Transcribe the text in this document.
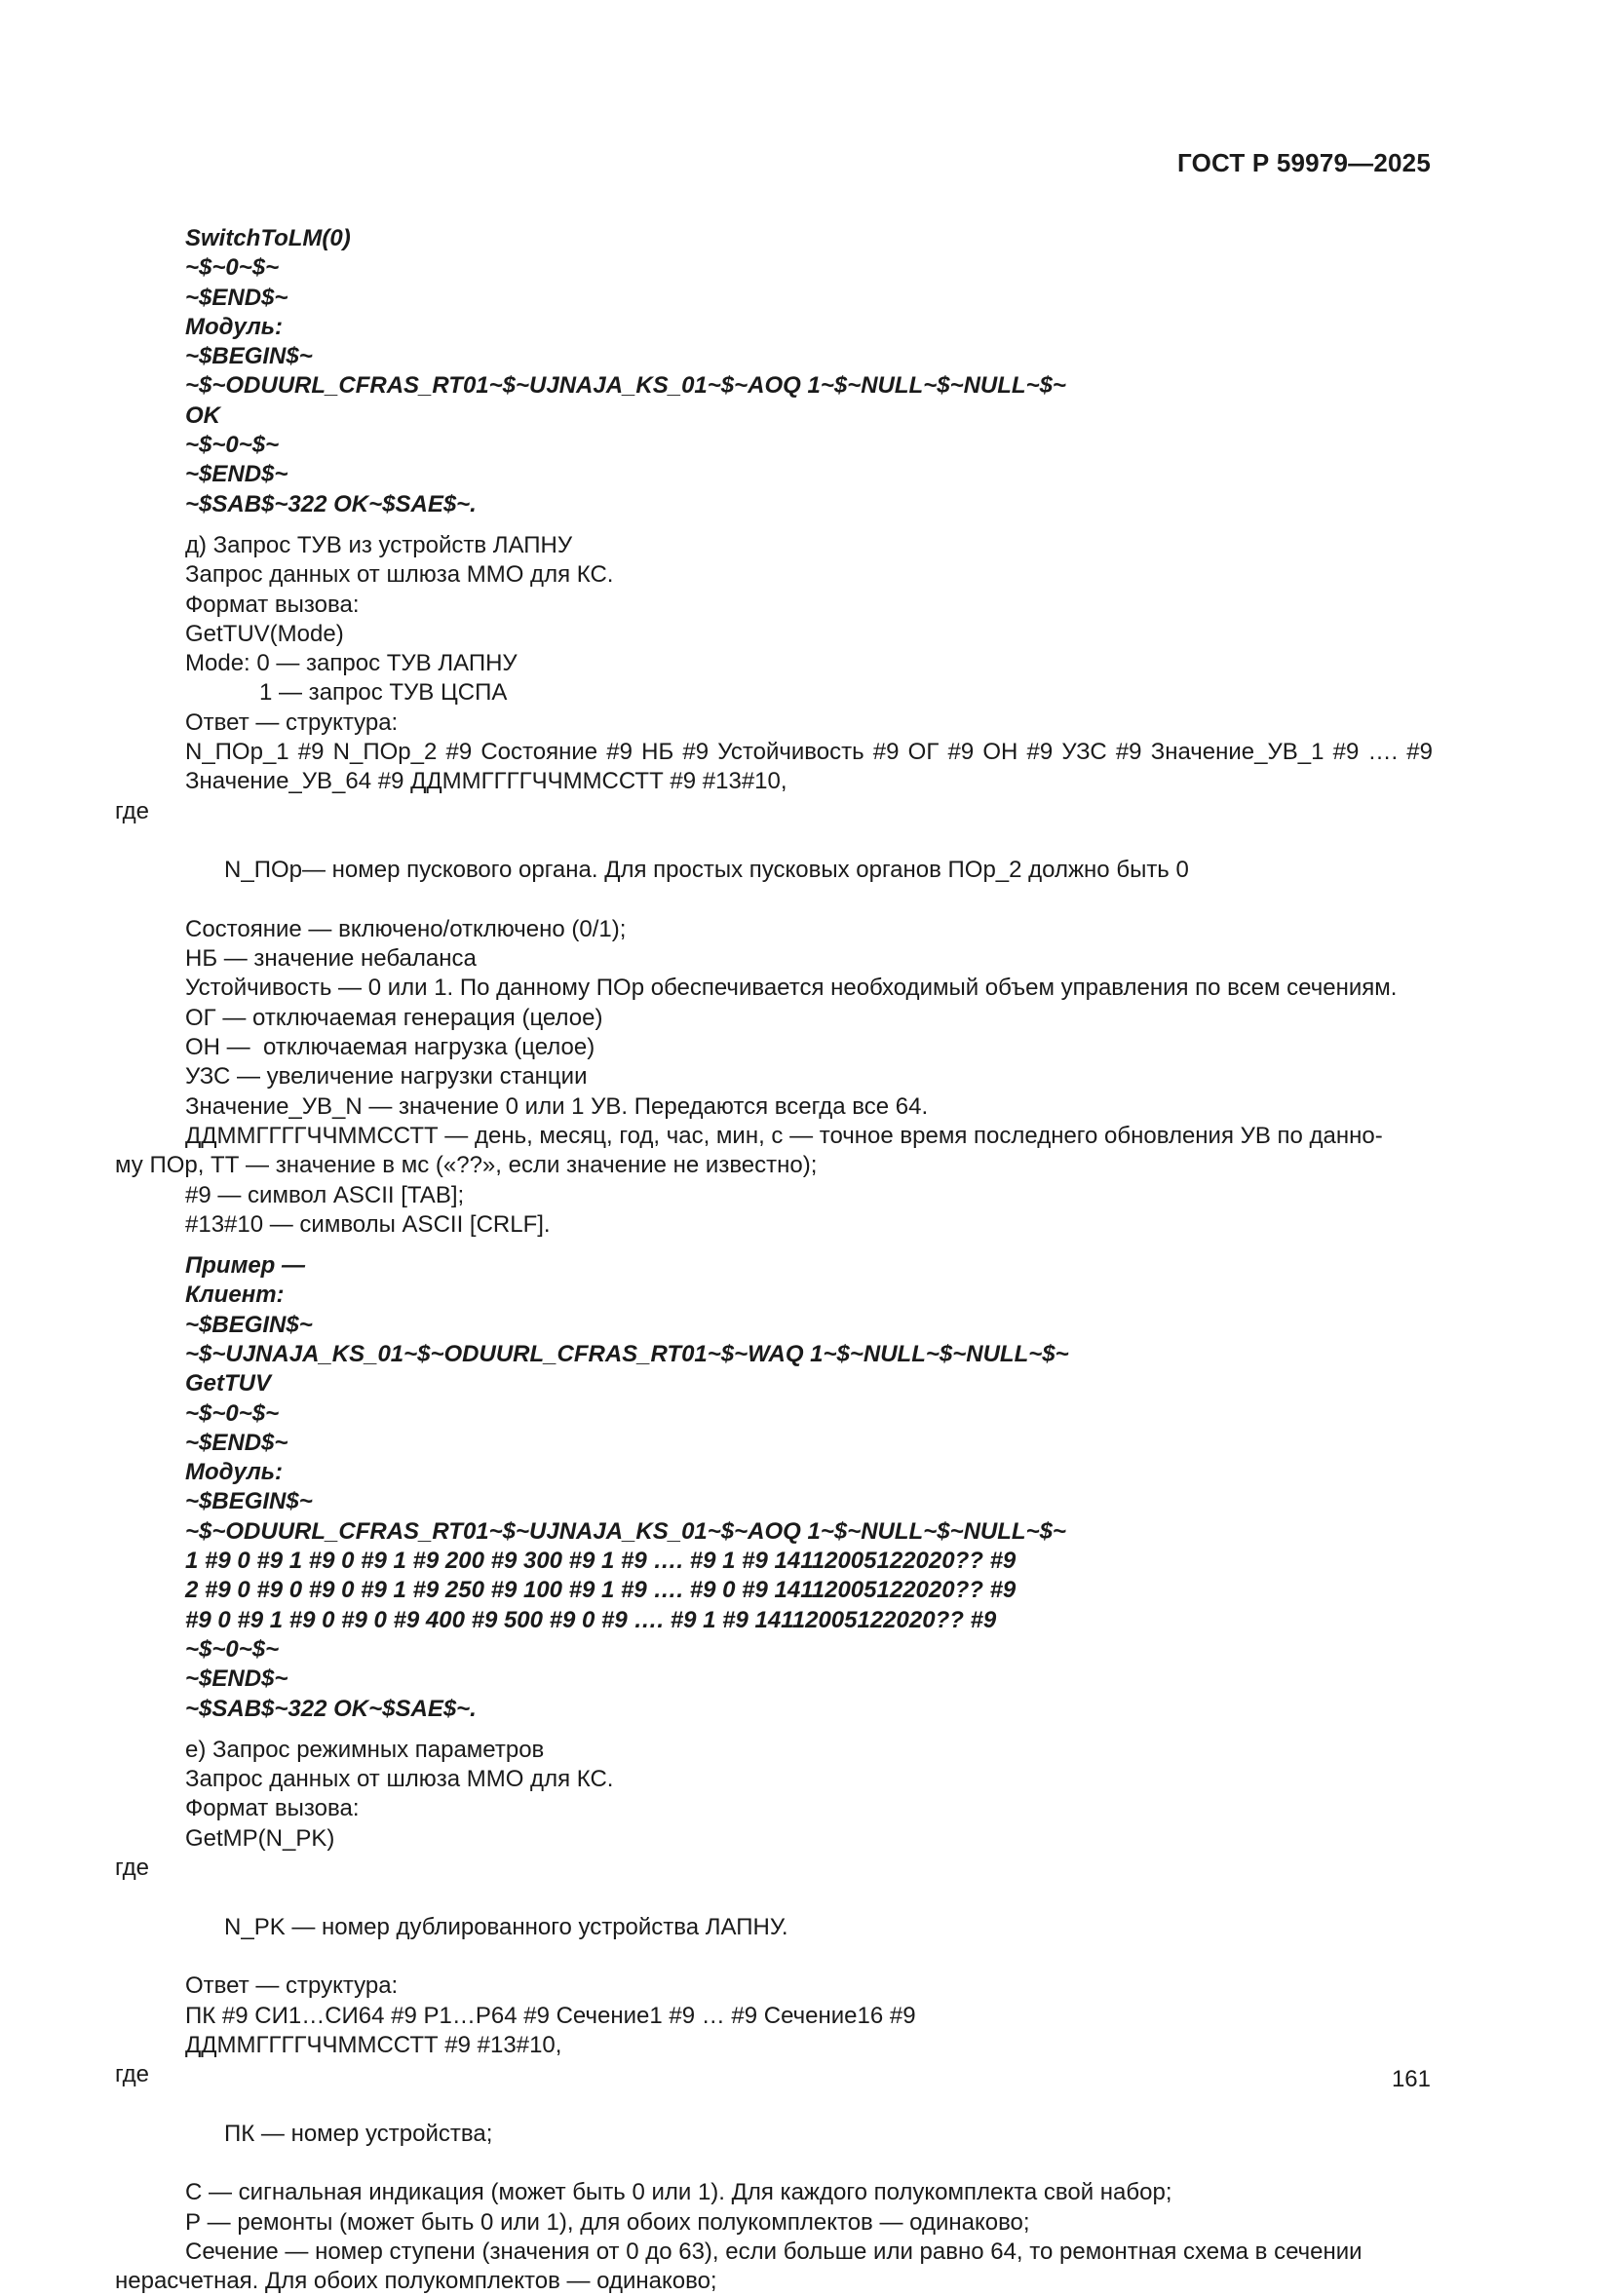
ГОСТ Р 59979—2025
SwitchToLM(0)
~$~0~$~
~$END$~
Модуль:
~$BEGIN$~
~$~ODUURL_CFRAS_RT01~$~UJNAJA_KS_01~$~AOQ 1~$~NULL~$~NULL~$~
OK
~$~0~$~
~$END$~
~$SAB$~322 OK~$SAE$~.
д) Запрос ТУВ из устройств ЛАПНУ
Запрос данных от шлюза ММО для КС.
Формат вызова:
GetTUV(Mode)
Mode: 0 — запрос ТУВ ЛАПНУ
1 — запрос ТУВ ЦСПА
Ответ — структура:
N_ПОр_1 #9 N_ПОр_2 #9 Состояние #9 НБ #9 Устойчивость #9 ОГ #9 ОН #9 УЗС #9 Значение_УВ_1 #9 …. #9 Значение_УВ_64 #9 ДДММГГГГЧЧММССТТ #9 #13#10,

где

N_ПОр— номер пускового органа. Для простых пусковых органов ПОр_2 должно быть 0

Состояние — включено/отключено (0/1);
НБ — значение небаланса
Устойчивость — 0 или 1. По данному ПОр обеспечивается необходимый объем управления по всем сечениям.
ОГ — отключаемая генерация (целое)
ОН —  отключаемая нагрузка (целое)
УЗС — увеличение нагрузки станции
Значение_УВ_N — значение 0 или 1 УВ. Передаются всегда все 64.
ДДММГГГГЧЧММССТТ — день, месяц, год, час, мин, с — точное время последнего обновления УВ по данно-
му ПОр, ТТ — значение в мс («??», если значение не известно);
#9 — символ ASCII [TAB];
#13#10 — символы ASCII [CRLF].
Пример —
Клиент:
~$BEGIN$~
~$~UJNAJA_KS_01~$~ODUURL_CFRAS_RT01~$~WAQ 1~$~NULL~$~NULL~$~
GetTUV
~$~0~$~
~$END$~
Модуль:
~$BEGIN$~
~$~ODUURL_CFRAS_RT01~$~UJNAJA_KS_01~$~AOQ 1~$~NULL~$~NULL~$~
1 #9 0 #9 1 #9 0 #9 1 #9 200 #9 300 #9 1 #9 …. #9 1 #9 14112005122020?? #9
2 #9 0 #9 0 #9 0 #9 1 #9 250 #9 100 #9 1 #9 …. #9 0 #9 14112005122020?? #9
#9 0 #9 1 #9 0 #9 0 #9 400 #9 500 #9 0 #9 …. #9 1 #9 14112005122020?? #9
~$~0~$~
~$END$~
~$SAB$~322 OK~$SAE$~.
е) Запрос режимных параметров
Запрос данных от шлюза ММО для КС.
Формат вызова:
GetMP(N_PK)

где

N_PK — номер дублированного устройства ЛАПНУ.

Ответ — структура:
ПК #9 СИ1…СИ64 #9 Р1…Р64 #9 Сечение1 #9 … #9 Сечение16 #9
ДДММГГГГЧЧММССТТ #9 #13#10,

где

ПК — номер устройства;

С — сигнальная индикация (может быть 0 или 1). Для каждого полукомплекта свой набор;
Р — ремонты (может быть 0 или 1), для обоих полукомплектов — одинаково;
Сечение — номер ступени (значения от 0 до 63), если больше или равно 64, то ремонтная схема в сечении
нерасчетная. Для обоих полукомплектов — одинаково;
161
